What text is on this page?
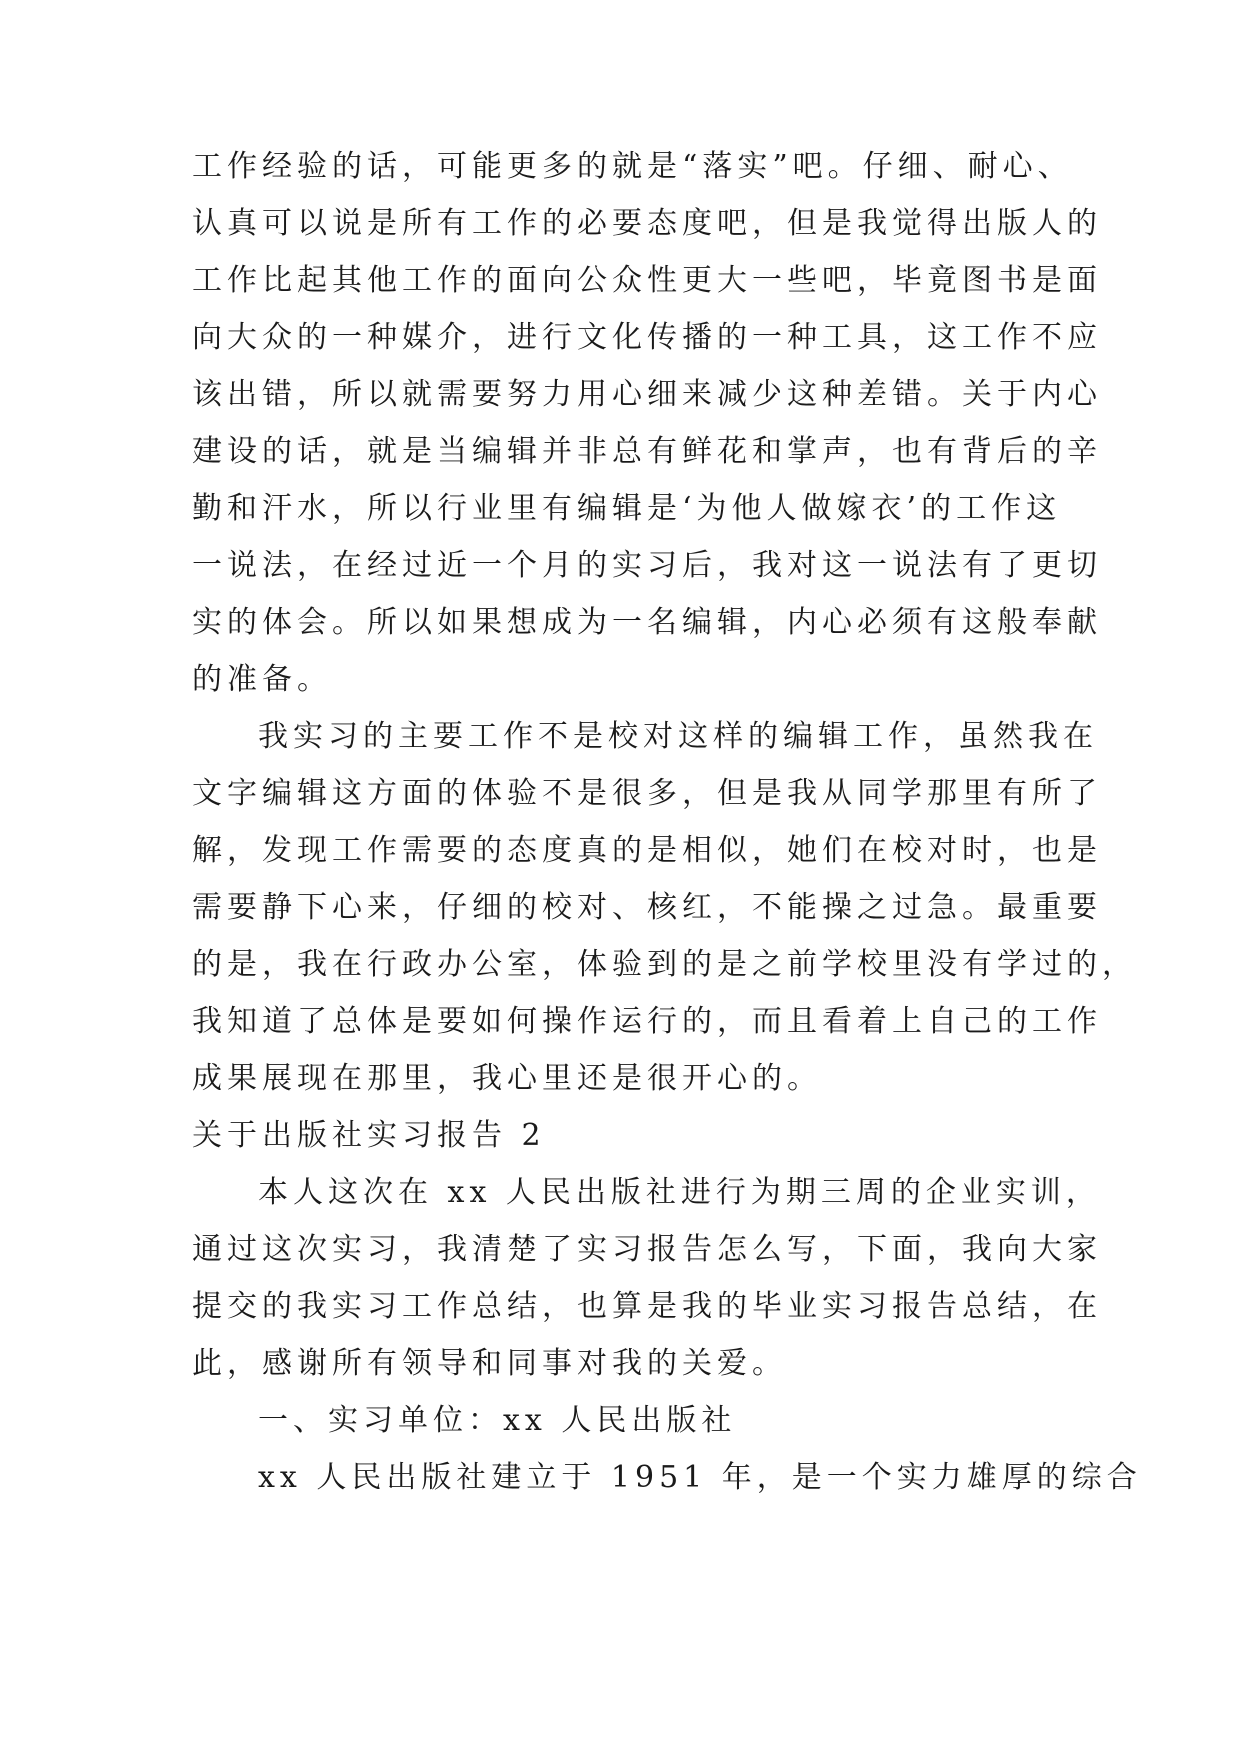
工作经验的话，可能更多的就是“落实”吧。仔细、耐心、

认真可以说是所有工作的必要态度吧，但是我觉得出版人的

工作比起其他工作的面向公众性更大一些吧，毕竟图书是面

向大众的一种媒介，进行文化传播的一种工具，这工作不应

该出错，所以就需要努力用心细来减少这种差错。关于内心

建设的话，就是当编辑并非总有鲜花和掌声，也有背后的辛

勤和汗水，所以行业里有编辑是‘为他人做嫁衣’的工作这

一说法，在经过近一个月的实习后，我对这一说法有了更切

实的体会。所以如果想成为一名编辑，内心必须有这般奉献

的准备。

我实习的主要工作不是校对这样的编辑工作，虽然我在

文字编辑这方面的体验不是很多，但是我从同学那里有所了

解，发现工作需要的态度真的是相似，她们在校对时，也是

需要静下心来，仔细的校对、核红，不能操之过急。最重要

的是，我在行政办公室，体验到的是之前学校里没有学过的，

我知道了总体是要如何操作运行的，而且看着上自己的工作

成果展现在那里，我心里还是很开心的。

关于出版社实习报告 2

本人这次在 xx 人民出版社进行为期三周的企业实训，

通过这次实习，我清楚了实习报告怎么写，下面，我向大家

提交的我实习工作总结，也算是我的毕业实习报告总结，在

此，感谢所有领导和同事对我的关爱。

一、实习单位：xx 人民出版社

xx 人民出版社建立于 1951 年，是一个实力雄厚的综合
